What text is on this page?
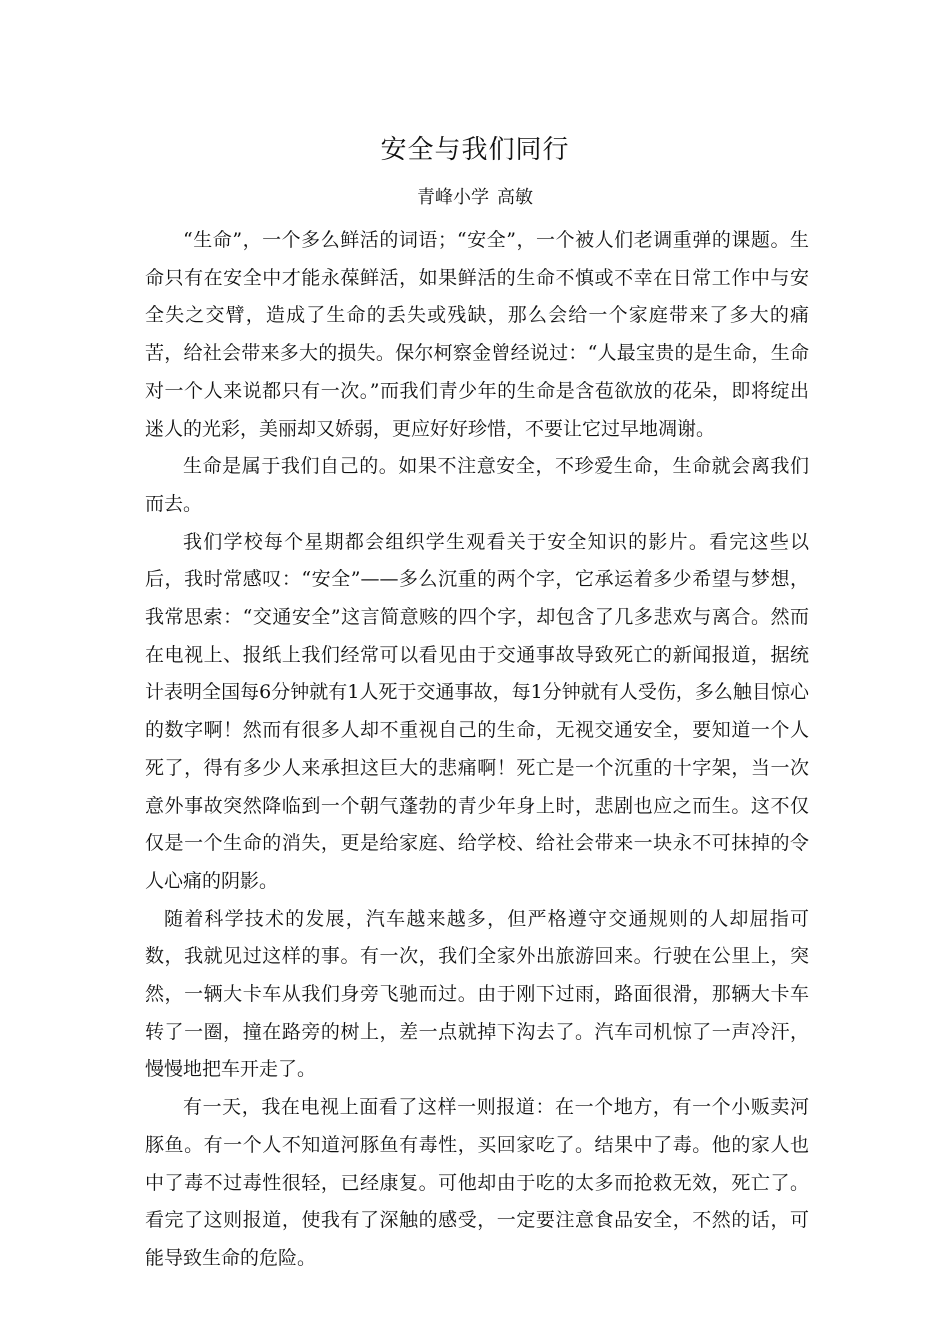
安全与我们同行
青峰小学 高敏

“生命”，一个多么鲜活的词语；“安全”，一个被人们老调重弹的课题。生命只有在安全中才能永葆鲜活，如果鲜活的生命不慎或不幸在日常工作中与安全失之交臂，造成了生命的丢失或残缺，那么会给一个家庭带来了多大的痛苦，给社会带来多大的损失。保尔柯察金曾经说过：“人最宝贵的是生命，生命对一个人来说都只有一次。”而我们青少年的生命是含苞欲放的花朵，即将绽出迷人的光彩，美丽却又娇弱，更应好好珍惜，不要让它过早地凋谢。

生命是属于我们自己的。如果不注意安全，不珍爱生命，生命就会离我们而去。

我们学校每个星期都会组织学生观看关于安全知识的影片。看完这些以后，我时常感叹：“安全”——多么沉重的两个字，它承运着多少希望与梦想，我常思索：“交通安全”这言简意赅的四个字，却包含了几多悲欢与离合。然而在电视上、报纸上我们经常可以看见由于交通事故导致死亡的新闻报道，据统计表明全国每6分钟就有1人死于交通事故，每1分钟就有人受伤，多么触目惊心的数字啊！然而有很多人却不重视自己的生命，无视交通安全，要知道一个人死了，得有多少人来承担这巨大的悲痛啊！死亡是一个沉重的十字架，当一次意外事故突然降临到一个朝气蓬勃的青少年身上时，悲剧也应之而生。这不仅仅是一个生命的消失，更是给家庭、给学校、给社会带来一块永不可抹掉的令人心痛的阴影。

随着科学技术的发展，汽车越来越多，但严格遵守交通规则的人却屈指可数，我就见过这样的事。有一次，我们全家外出旅游回来。行驶在公里上，突然，一辆大卡车从我们身旁飞驰而过。由于刚下过雨，路面很滑，那辆大卡车转了一圈，撞在路旁的树上，差一点就掉下沟去了。汽车司机惊了一声冷汗，慢慢地把车开走了。

有一天，我在电视上面看了这样一则报道：在一个地方，有一个小贩卖河豚鱼。有一个人不知道河豚鱼有毒性，买回家吃了。结果中了毒。他的家人也中了毒不过毒性很轻，已经康复。可他却由于吃的太多而抢救无效，死亡了。看完了这则报道，使我有了深触的感受，一定要注意食品安全，不然的话，可能导致生命的危险。
